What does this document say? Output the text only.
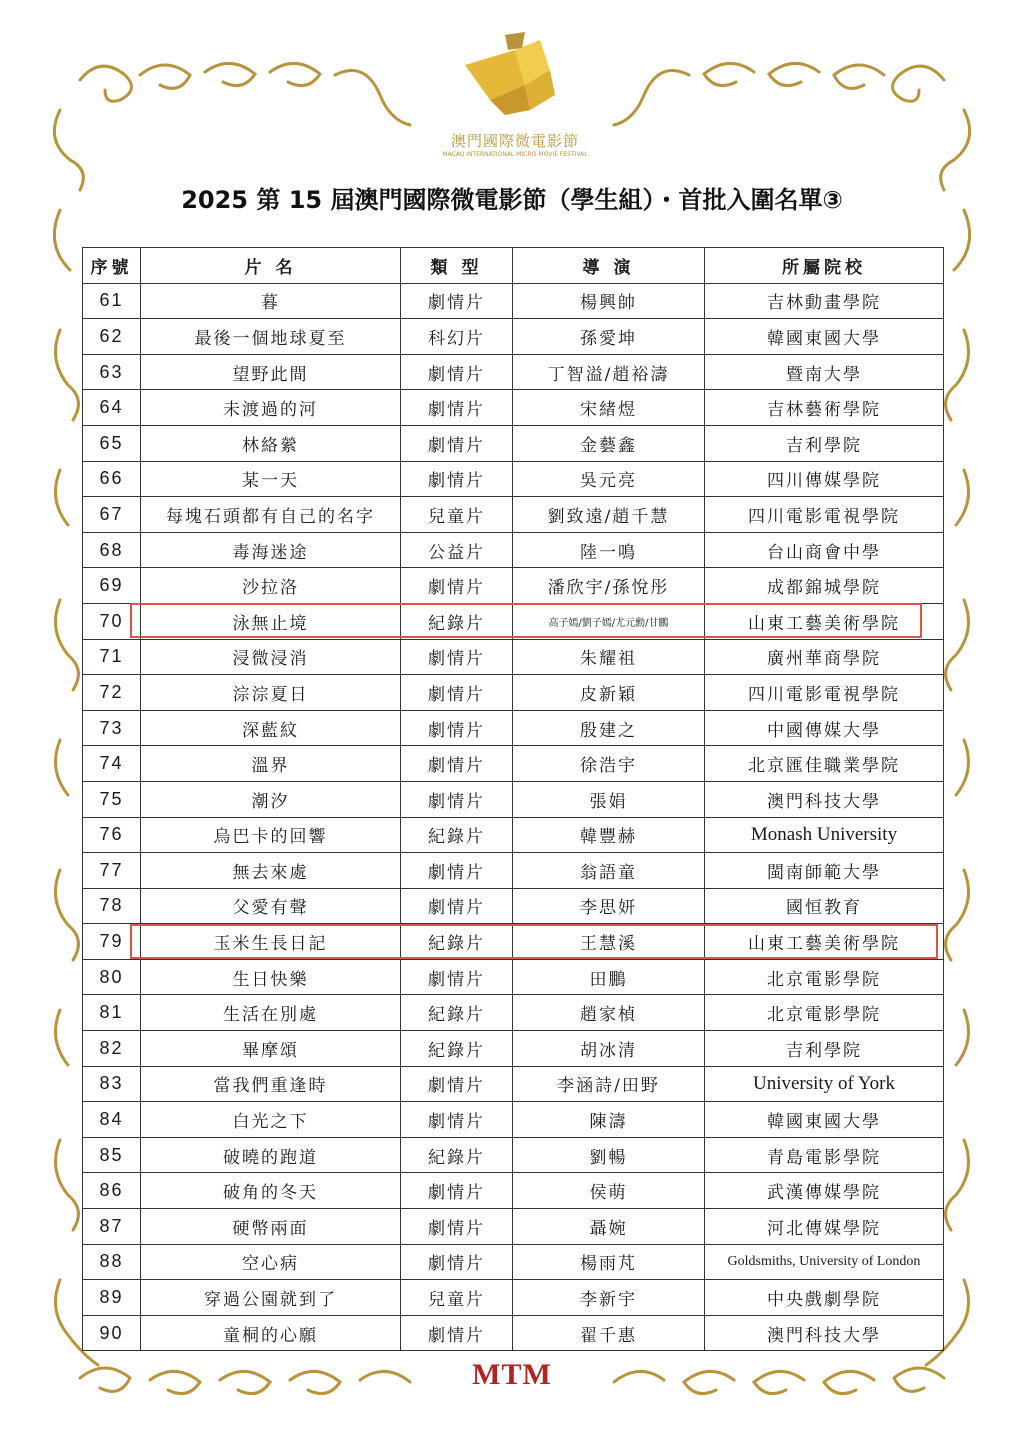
澳門國際微電影節
MACAU INTERNATIONAL MICRO-MOVIE FESTIVAL
2025 第 15 屆澳門國際微電影節（學生組）・首批入圍名單③
序號	片 名	類 型	導 演	所屬院校
61	暮	劇情片	楊興帥	吉林動畫學院
62	最後一個地球夏至	科幻片	孫愛坤	韓國東國大學
63	望野此間	劇情片	丁智溢/趙裕濤	暨南大學
64	未渡過的河	劇情片	宋緒煜	吉林藝術學院
65	林絡縈	劇情片	金藝鑫	吉利學院
66	某一天	劇情片	吳元亮	四川傳媒學院
67	每塊石頭都有自己的名字	兒童片	劉致遠/趙千慧	四川電影電視學院
68	毒海迷途	公益片	陸一鳴	台山商會中學
69	沙拉洛	劇情片	潘欣宇/孫悅彤	成都錦城學院
70	泳無止境	紀錄片	高子嫣/劉子嫣/尤元勳/甘鵬	山東工藝美術學院
71	浸微浸消	劇情片	朱耀祖	廣州華商學院
72	淙淙夏日	劇情片	皮新穎	四川電影電視學院
73	深藍紋	劇情片	殷建之	中國傳媒大學
74	溫界	劇情片	徐浩宇	北京匯佳職業學院
75	潮汐	劇情片	張娟	澳門科技大學
76	烏巴卡的回響	紀錄片	韓豐赫	Monash University
77	無去來處	劇情片	翁語童	閩南師範大學
78	父愛有聲	劇情片	李思妍	國恒教育
79	玉米生長日記	紀錄片	王慧溪	山東工藝美術學院
80	生日快樂	劇情片	田鵬	北京電影學院
81	生活在別處	紀錄片	趙家楨	北京電影學院
82	畢摩頌	紀錄片	胡冰清	吉利學院
83	當我們重逢時	劇情片	李涵詩/田野	University of York
84	白光之下	劇情片	陳濤	韓國東國大學
85	破曉的跑道	紀錄片	劉暢	青島電影學院
86	破角的冬天	劇情片	侯萌	武漢傳媒學院
87	硬幣兩面	劇情片	聶婉	河北傳媒學院
88	空心病	劇情片	楊雨芃	Goldsmiths, University of London
89	穿過公園就到了	兒童片	李新宇	中央戲劇學院
90	童桐的心願	劇情片	翟千惠	澳門科技大學
MTM
